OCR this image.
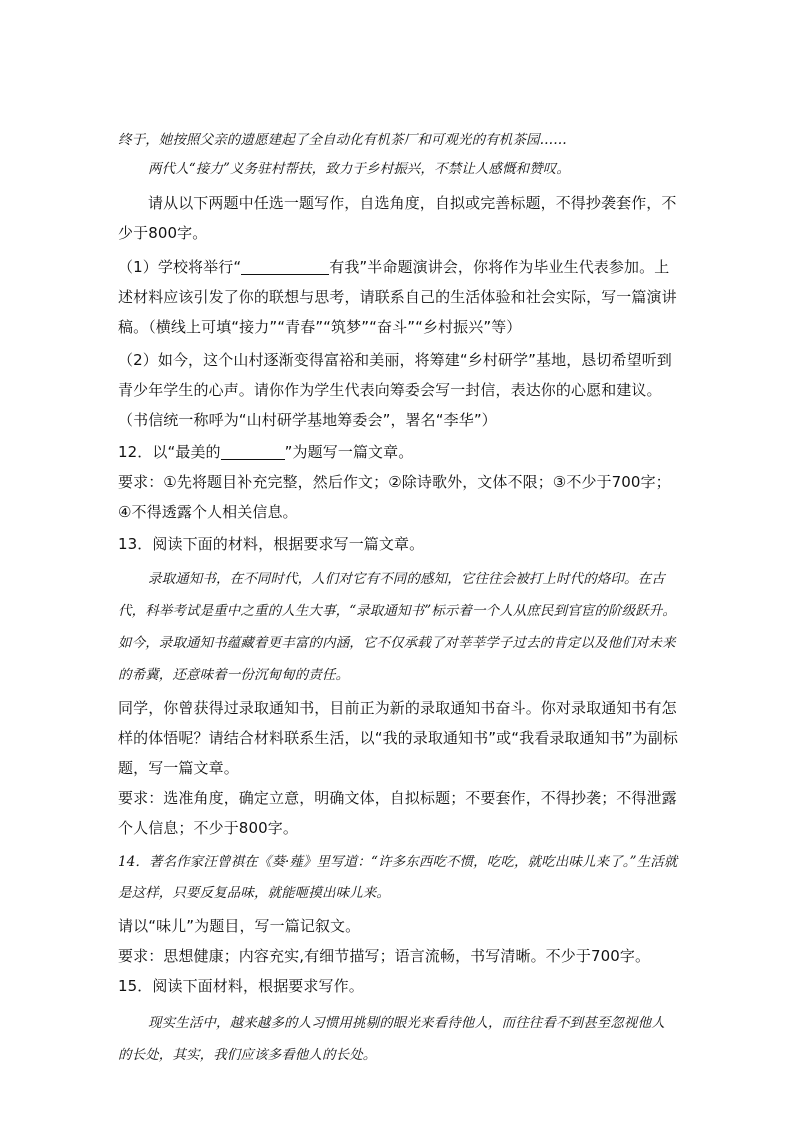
终于，她按照父亲的遗愿建起了全自动化有机茶厂和可观光的有机茶园……

两代人“接力”义务驻村帮扶，致力于乡村振兴，不禁让人感慨和赞叹。

请从以下两题中任选一题写作，自选角度，自拟或完善标题，不得抄袭套作，不少于800字。

（1）学校将举行“	有我”半命题演讲会，你将作为毕业生代表参加。上述材料应该引发了你的联想与思考，请联系自己的生活体验和社会实际，写一篇演讲稿。（横线上可填“接力”“青春”“筑梦”“奋斗”“乡村振兴”等）

（2）如今，这个山村逐渐变得富裕和美丽，将筹建“乡村研学”基地，恳切希望听到青少年学生的心声。请你作为学生代表向筹委会写一封信，表达你的心愿和建议。（书信统一称呼为“山村研学基地筹委会”，署名“李华”）

12．以“最美的	”为题写一篇文章。

要求：①先将题目补充完整，然后作文；②除诗歌外，文体不限；③不少于700字；④不得透露个人相关信息。

13．阅读下面的材料，根据要求写一篇文章。

录取通知书，在不同时代，人们对它有不同的感知，它往往会被打上时代的烙印。在古代，科举考试是重中之重的人生大事，“录取通知书”标示着一个人从庶民到官宦的阶级跃升。如今，录取通知书蕴藏着更丰富的内涵，它不仅承载了对莘莘学子过去的肯定以及他们对未来的希冀，还意味着一份沉甸甸的责任。

同学，你曾获得过录取通知书，目前正为新的录取通知书奋斗。你对录取通知书有怎样的体悟呢？请结合材料联系生活，以“我的录取通知书”或“我看录取通知书”为副标题，写一篇文章。

要求：选准角度，确定立意，明确文体，自拟标题；不要套作，不得抄袭；不得泄露个人信息；不少于800字。

14．著名作家汪曾祺在《葵·薤》里写道：“许多东西吃不惯，吃吃，就吃出味儿来了。”生活就是这样，只要反复品味，就能咂摸出味儿来。

请以“味儿”为题目，写一篇记叙文。

要求：思想健康；内容充实,有细节描写；语言流畅，书写清晰。不少于700字。

15．阅读下面材料，根据要求写作。

现实生活中，越来越多的人习惯用挑剔的眼光来看待他人，而往往看不到甚至忽视他人的长处，其实，我们应该多看他人的长处。
